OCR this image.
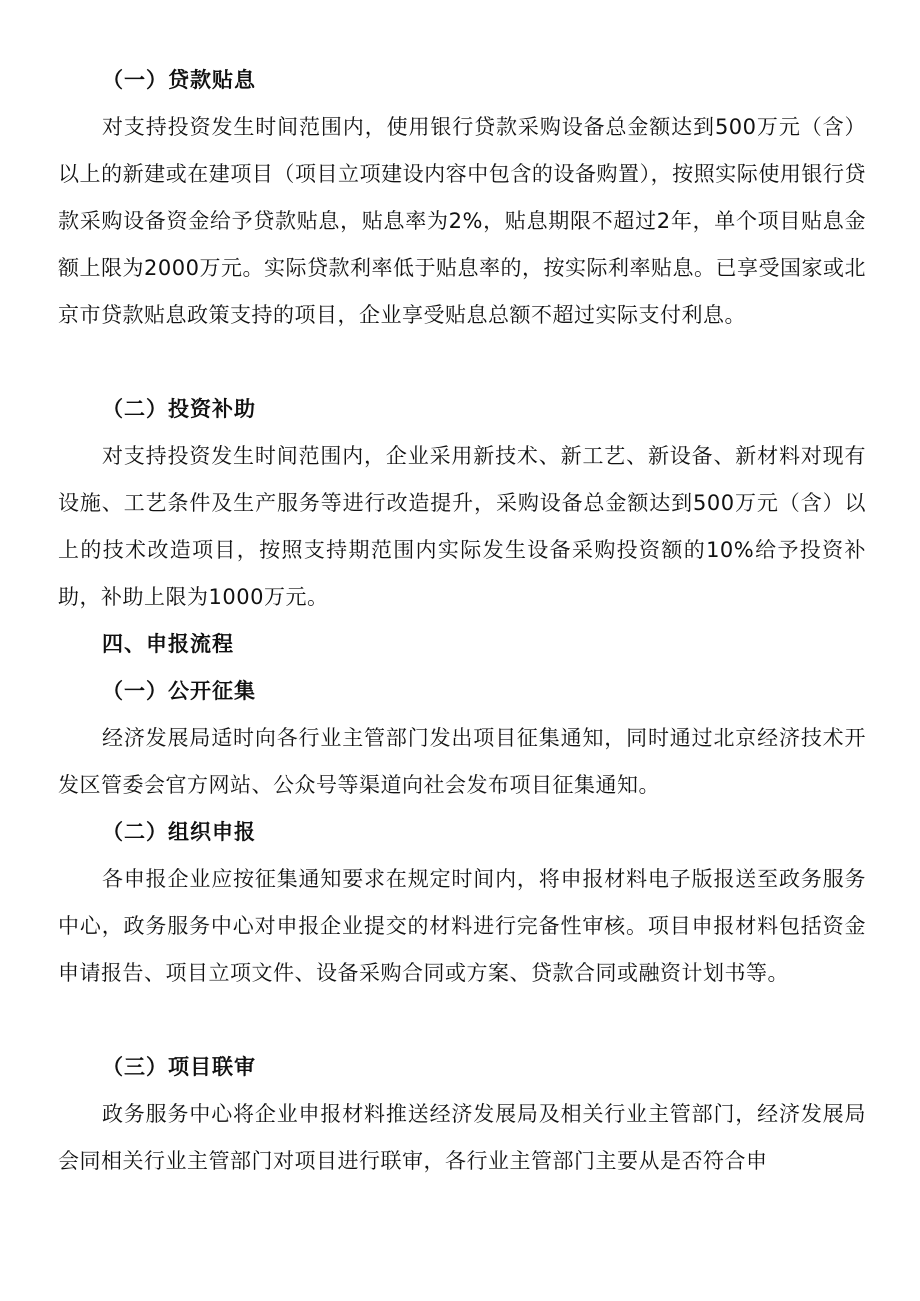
（一）贷款贴息

对支持投资发生时间范围内，使用银行贷款采购设备总金额达到500万元（含）以上的新建或在建项目（项目立项建设内容中包含的设备购置），按照实际使用银行贷款采购设备资金给予贷款贴息，贴息率为2%，贴息期限不超过2年，单个项目贴息金额上限为2000万元。实际贷款利率低于贴息率的，按实际利率贴息。已享受国家或北京市贷款贴息政策支持的项目，企业享受贴息总额不超过实际支付利息。

（二）投资补助

对支持投资发生时间范围内，企业采用新技术、新工艺、新设备、新材料对现有设施、工艺条件及生产服务等进行改造提升，采购设备总金额达到500万元（含）以上的技术改造项目，按照支持期范围内实际发生设备采购投资额的10%给予投资补助，补助上限为1000万元。

四、申报流程

（一）公开征集

经济发展局适时向各行业主管部门发出项目征集通知，同时通过北京经济技术开发区管委会官方网站、公众号等渠道向社会发布项目征集通知。

（二）组织申报

各申报企业应按征集通知要求在规定时间内，将申报材料电子版报送至政务服务中心，政务服务中心对申报企业提交的材料进行完备性审核。项目申报材料包括资金申请报告、项目立项文件、设备采购合同或方案、贷款合同或融资计划书等。

（三）项目联审

政务服务中心将企业申报材料推送经济发展局及相关行业主管部门，经济发展局会同相关行业主管部门对项目进行联审，各行业主管部门主要从是否符合申
